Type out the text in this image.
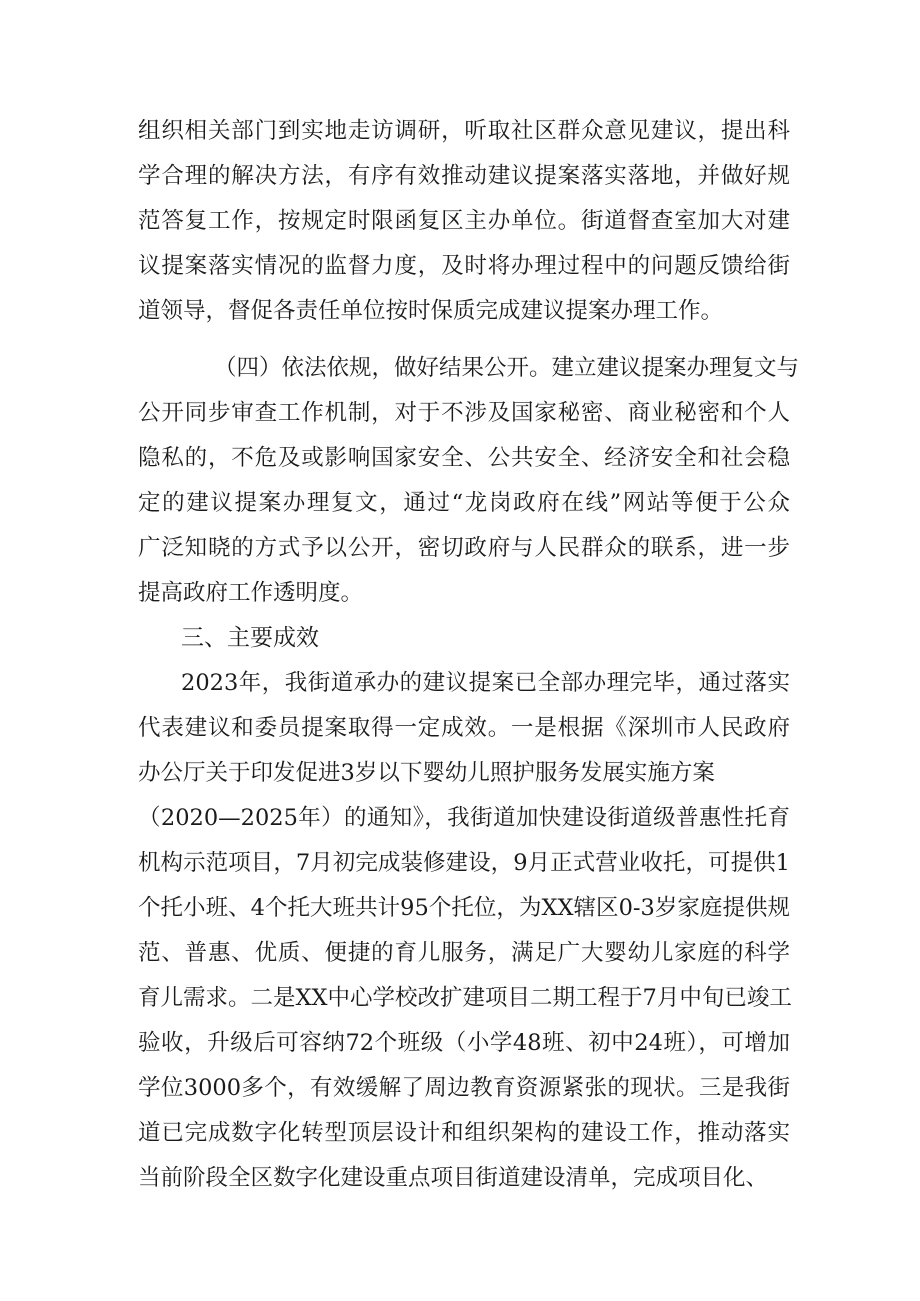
组织相关部门到实地走访调研，听取社区群众意见建议，提出科
学合理的解决方法，有序有效推动建议提案落实落地，并做好规
范答复工作，按规定时限函复区主办单位。街道督查室加大对建
议提案落实情况的监督力度，及时将办理过程中的问题反馈给街
道领导，督促各责任单位按时保质完成建议提案办理工作。
（四）依法依规，做好结果公开。建立建议提案办理复文与
公开同步审查工作机制，对于不涉及国家秘密、商业秘密和个人
隐私的，不危及或影响国家安全、公共安全、经济安全和社会稳
定的建议提案办理复文，通过“龙岗政府在线”网站等便于公众
广泛知晓的方式予以公开，密切政府与人民群众的联系，进一步
提高政府工作透明度。
三、主要成效
2023年，我街道承办的建议提案已全部办理完毕，通过落实
代表建议和委员提案取得一定成效。一是根据《深圳市人民政府
办公厅关于印发促进3岁以下婴幼儿照护服务发展实施方案
（2020—2025年）的通知》，我街道加快建设街道级普惠性托育
机构示范项目，7月初完成装修建设，9月正式营业收托，可提供1
个托小班、4个托大班共计95个托位，为XX辖区0-3岁家庭提供规
范、普惠、优质、便捷的育儿服务，满足广大婴幼儿家庭的科学
育儿需求。二是XX中心学校改扩建项目二期工程于7月中旬已竣工
验收，升级后可容纳72个班级（小学48班、初中24班），可增加
学位3000多个，有效缓解了周边教育资源紧张的现状。三是我街
道已完成数字化转型顶层设计和组织架构的建设工作，推动落实
当前阶段全区数字化建设重点项目街道建设清单，完成项目化、
